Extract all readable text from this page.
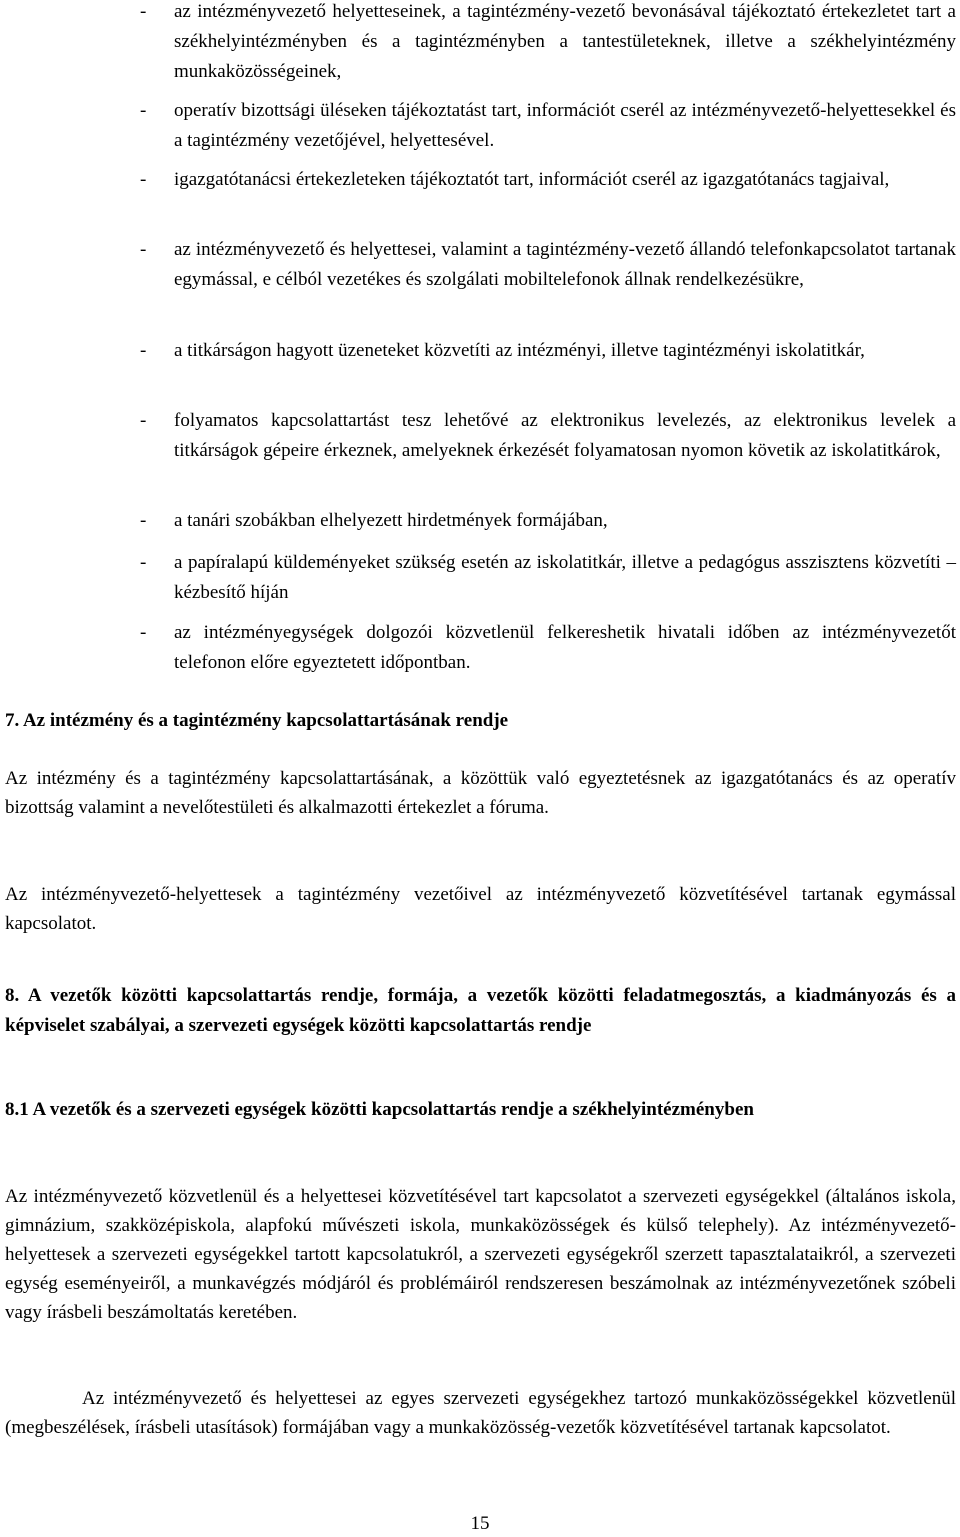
- az intézményvezető helyetteseinek, a tagintézmény-vezető bevonásával tájékoztató értekezletet tart a székhelyintézményben és a tagintézményben a tantestületeknek, illetve a székhelyintézmény munkaközösségeinek,
- operatív bizottsági üléseken tájékoztatást tart, információt cserél az intézményvezető-helyettesekkel és a tagintézmény vezetőjével, helyettesével.
- igazgatótanácsi értekezleteken tájékoztatót tart, információt cserél az igazgatótanács tagjaival,
- az intézményvezető és helyettesei, valamint a tagintézmény-vezető állandó telefonkapcsolatot tartanak egymással, e célból vezetékes és szolgálati mobiltelefonok állnak rendelkezésükre,
- a titkárságon hagyott üzeneteket közvetíti az intézményi, illetve tagintézményi iskolatitkár,
- folyamatos kapcsolattartást tesz lehetővé az elektronikus levelezés, az elektronikus levelek a titkárságok gépeire érkeznek, amelyeknek érkezését folyamatosan nyomon követik az iskolatitkárok,
- a tanári szobákban elhelyezett hirdetmények formájában,
- a papíralapú küldeményeket szükség esetén az iskolatitkár, illetve a pedagógus asszisztens közvetíti – kézbesítő híján
- az intézményegységek dolgozói közvetlenül felkereshetik hivatali időben az intézményvezetőt telefonon előre egyeztetett időpontban.
7. Az intézmény és a tagintézmény kapcsolattartásának rendje
Az intézmény és a tagintézmény kapcsolattartásának, a közöttük való egyeztetésnek az igazgatótanács és az operatív bizottság valamint a nevelőtestületi és alkalmazotti értekezlet a fóruma.
Az intézményvezető-helyettesek a tagintézmény vezetőivel az intézményvezető közvetítésével tartanak egymással kapcsolatot.
8. A vezetők közötti kapcsolattartás rendje, formája, a vezetők közötti feladatmegosztás, a kiadmányozás és a képviselet szabályai, a szervezeti egységek közötti kapcsolattartás rendje
8.1 A vezetők és a szervezeti egységek közötti kapcsolattartás rendje a székhelyintézményben
Az intézményvezető közvetlenül és a helyettesei közvetítésével tart kapcsolatot a szervezeti egységekkel (általános iskola, gimnázium, szakközépiskola, alapfokú művészeti iskola, munkaközösségek és külső telephely). Az intézményvezető-helyettesek a szervezeti egységekkel tartott kapcsolatukról, a szervezeti egységekről szerzett tapasztalataikról, a szervezeti egység eseményeiről, a munkavégzés módjáról és problémáiról rendszeresen beszámolnak az intézményvezetőnek szóbeli vagy írásbeli beszámoltatás keretében.
Az intézményvezető és helyettesei az egyes szervezeti egységekhez tartozó munkaközösségekkel közvetlenül (megbeszélések, írásbeli utasítások) formájában vagy a munkaközösség-vezetők közvetítésével tartanak kapcsolatot.
15
